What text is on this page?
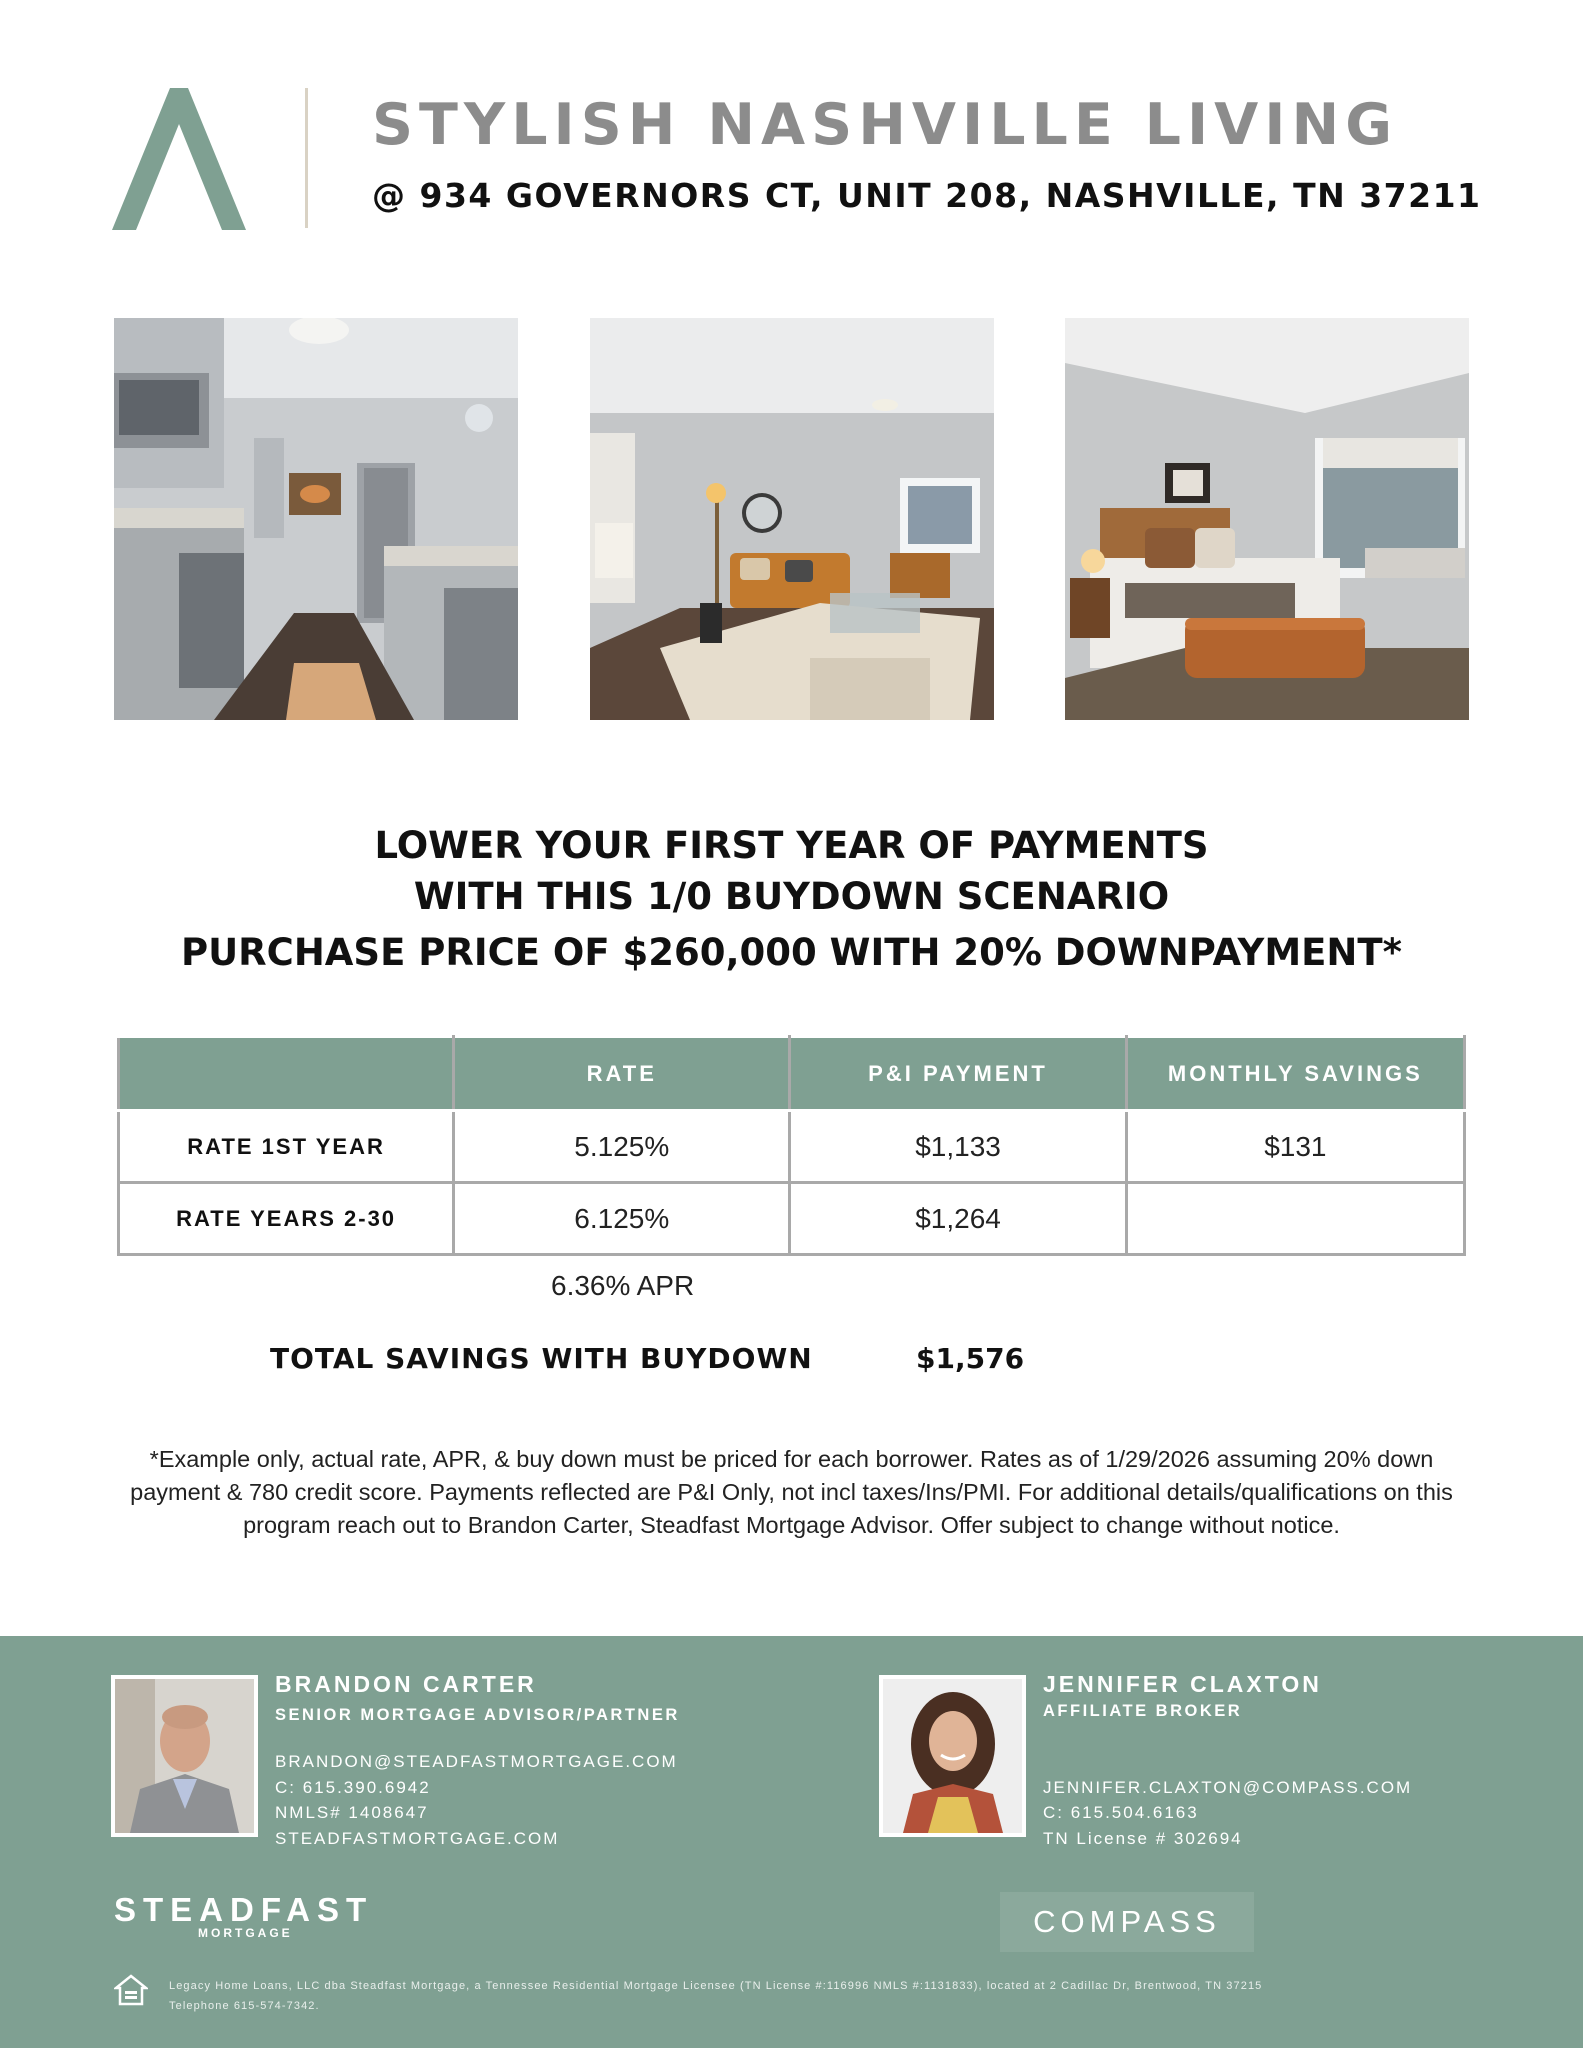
STYLISH NASHVILLE LIVING
@ 934 GOVERNORS CT, UNIT 208, NASHVILLE, TN 37211
LOWER YOUR FIRST YEAR OF PAYMENTS
WITH THIS 1/0 BUYDOWN SCENARIO
PURCHASE PRICE OF $260,000 WITH 20% DOWNPAYMENT*
	RATE	P&I PAYMENT	MONTHLY SAVINGS
RATE 1ST YEAR	5.125%	$1,133	$131
RATE YEARS 2-30	6.125%	$1,264	
6.36% APR
TOTAL SAVINGS WITH BUYDOWN	$1,576
*Example only, actual rate, APR, & buy down must be priced for each borrower. Rates as of 1/29/2026 assuming 20% down payment & 780 credit score. Payments reflected are P&I Only, not incl taxes/Ins/PMI. For additional details/qualifications on this program reach out to Brandon Carter, Steadfast Mortgage Advisor. Offer subject to change without notice.
BRANDON CARTER
SENIOR MORTGAGE ADVISOR/PARTNER
BRANDON@STEADFASTMORTGAGE.COM
C: 615.390.6942
NMLS# 1408647
STEADFASTMORTGAGE.COM
JENNIFER CLAXTON
AFFILIATE BROKER
JENNIFER.CLAXTON@COMPASS.COM
C: 615.504.6163
TN License # 302694
STEADFAST
MORTGAGE	COMPASS
Legacy Home Loans, LLC dba Steadfast Mortgage, a Tennessee Residential Mortgage Licensee (TN License #:116996 NMLS #:1131833), located at 2 Cadillac Dr, Brentwood, TN 37215
Telephone 615-574-7342.
